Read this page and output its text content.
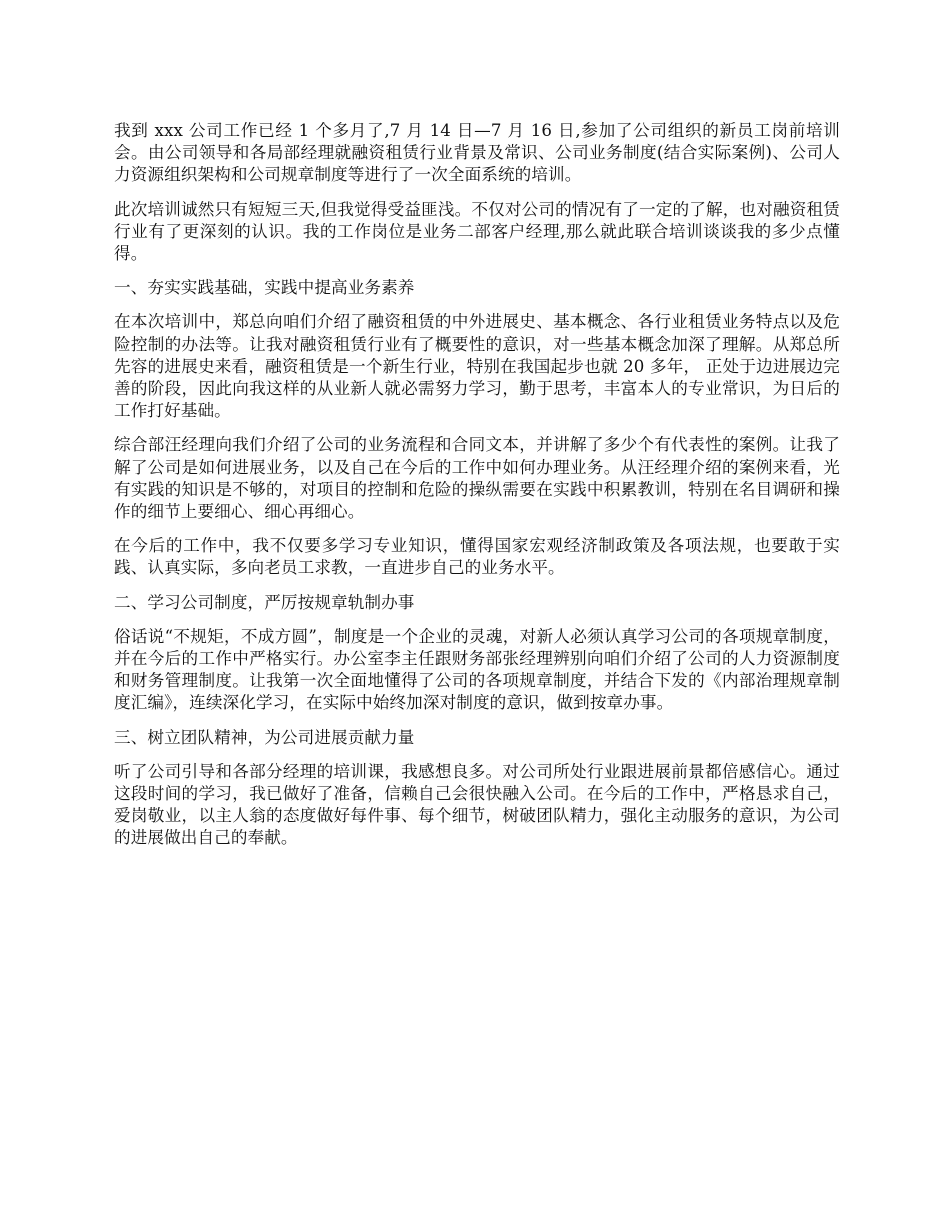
我到 xxx 公司工作已经 1 个多月了,7 月 14 日—7 月 16 日,参加了公司组织的新员工岗前培训会。由公司领导和各局部经理就融资租赁行业背景及常识、公司业务制度(结合实际案例)、公司人力资源组织架构和公司规章制度等进行了一次全面系统的培训。

此次培训诚然只有短短三天,但我觉得受益匪浅。不仅对公司的情况有了一定的了解，也对融资租赁行业有了更深刻的认识。我的工作岗位是业务二部客户经理,那么就此联合培训谈谈我的多少点懂得。

一、夯实实践基础，实践中提高业务素养

在本次培训中，郑总向咱们介绍了融资租赁的中外进展史、基本概念、各行业租赁业务特点以及危险控制的办法等。让我对融资租赁行业有了概要性的意识，对一些基本概念加深了理解。从郑总所先容的进展史来看，融资租赁是一个新生行业，特别在我国起步也就 20 多年， 正处于边进展边完善的阶段，因此向我这样的从业新人就必需努力学习，勤于思考，丰富本人的专业常识，为日后的工作打好基础。

综合部汪经理向我们介绍了公司的业务流程和合同文本，并讲解了多少个有代表性的案例。让我了解了公司是如何进展业务，以及自己在今后的工作中如何办理业务。从汪经理介绍的案例来看，光有实践的知识是不够的，对项目的控制和危险的操纵需要在实践中积累教训，特别在名目调研和操作的细节上要细心、细心再细心。

在今后的工作中，我不仅要多学习专业知识，懂得国家宏观经济制政策及各项法规，也要敢于实践、认真实际，多向老员工求教，一直进步自己的业务水平。

二、学习公司制度，严厉按规章轨制办事

俗话说“不规矩，不成方圆”，制度是一个企业的灵魂，对新人必须认真学习公司的各项规章制度，并在今后的工作中严格实行。办公室李主任跟财务部张经理辨别向咱们介绍了公司的人力资源制度和财务管理制度。让我第一次全面地懂得了公司的各项规章制度，并结合下发的《内部治理规章制度汇编》，连续深化学习，在实际中始终加深对制度的意识，做到按章办事。

三、树立团队精神，为公司进展贡献力量

听了公司引导和各部分经理的培训课，我感想良多。对公司所处行业跟进展前景都倍感信心。通过这段时间的学习，我已做好了准备，信赖自己会很快融入公司。在今后的工作中，严格恳求自己，爱岗敬业，以主人翁的态度做好每件事、每个细节，树破团队精力，强化主动服务的意识，为公司的进展做出自己的奉献。
